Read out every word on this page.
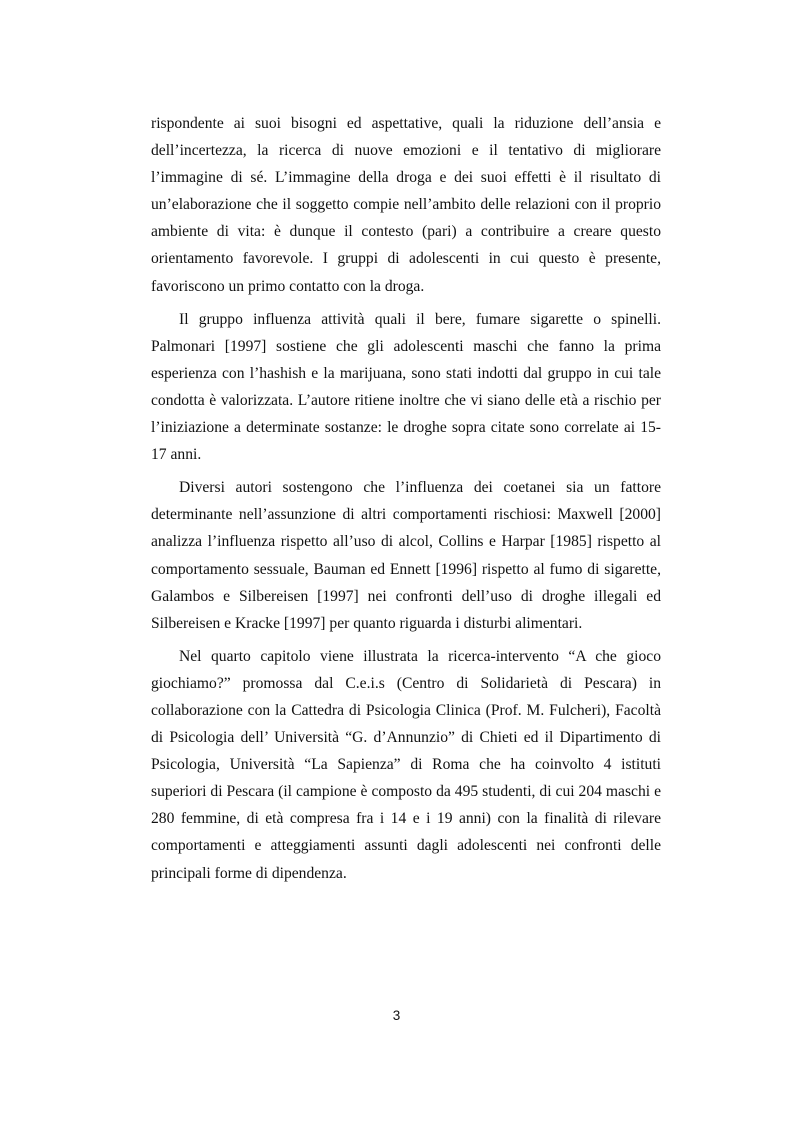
rispondente ai suoi bisogni ed aspettative, quali la riduzione dell’ansia e dell’incertezza, la ricerca di nuove emozioni e il tentativo di migliorare l’immagine di sé. L’immagine della droga e dei suoi effetti è il risultato di un’elaborazione che il soggetto compie nell’ambito delle relazioni con il proprio ambiente di vita: è dunque il contesto (pari) a contribuire a creare questo orientamento favorevole. I gruppi di adolescenti in cui questo è presente, favoriscono un primo contatto con la droga.

Il gruppo influenza attività quali il bere, fumare sigarette o spinelli. Palmonari [1997] sostiene che gli adolescenti maschi che fanno la prima esperienza con l’hashish e la marijuana, sono stati indotti dal gruppo in cui tale condotta è valorizzata. L’autore ritiene inoltre che vi siano delle età a rischio per l’iniziazione a determinate sostanze: le droghe sopra citate sono correlate ai 15-17 anni.

Diversi autori sostengono che l’influenza dei coetanei sia un fattore determinante nell’assunzione di altri comportamenti rischiosi: Maxwell [2000] analizza l’influenza rispetto all’uso di alcol, Collins e Harpar [1985] rispetto al comportamento sessuale, Bauman ed Ennett [1996] rispetto al fumo di sigarette, Galambos e Silbereisen [1997] nei confronti dell’uso di droghe illegali ed Silbereisen e Kracke [1997] per quanto riguarda i disturbi alimentari.

Nel quarto capitolo viene illustrata la ricerca-intervento “A che gioco giochiamo?” promossa dal C.e.i.s (Centro di Solidarietà di Pescara) in collaborazione con la Cattedra di Psicologia Clinica (Prof. M. Fulcheri), Facoltà di Psicologia dell’ Università “G. d’Annunzio” di Chieti ed il Dipartimento di Psicologia, Università “La Sapienza” di Roma che ha coinvolto 4 istituti superiori di Pescara (il campione è composto da 495 studenti, di cui 204 maschi e 280 femmine, di età compresa fra i 14 e i 19 anni) con la finalità di rilevare comportamenti e atteggiamenti assunti dagli adolescenti nei confronti delle principali forme di dipendenza.

3
